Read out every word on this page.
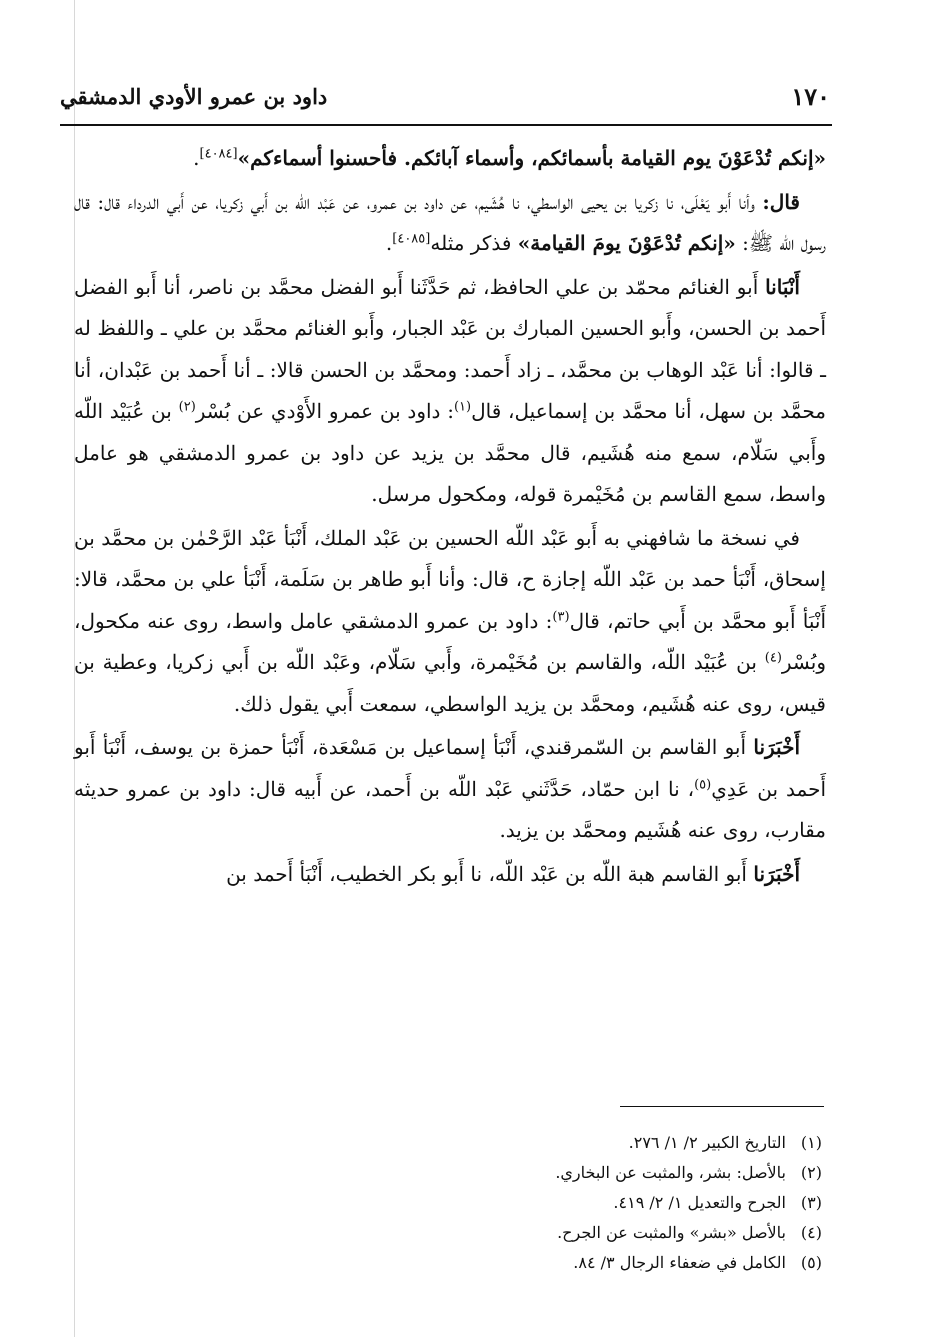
١٧٠
داود بن عمرو الأودي الدمشقي

«إنكم تُدْعَوْنَ يوم القيامة بأسمائكم، وأسماء آبائكم. فأحسنوا أسماءكم»[٤٠٨٤].

قال: وأنا أَبو يَعْلَى، نا زكريا بن يحيى الواسطي، نا هُشَيم، عن داود بن عمرو، عن عَبْد اللّه بن أَبي زكريا، عن أَبي الدرداء قال: قال رسول الله ﷺ: «إنكم تُدْعَوْنَ يومَ القيامة» فذكر مثله[٤٠٨٥].

أَنْبَانا أَبو الغنائم محمّد بن علي الحافظ، ثم حَدَّثَنا أَبو الفضل محمَّد بن ناصر، أنا أَبو الفضل أَحمد بن الحسن، وأَبو الحسين المبارك بن عَبْد الجبار، وأَبو الغنائم محمَّد بن علي ـ واللفظ له ـ قالوا: أنا عَبْد الوهاب بن محمَّد، ـ زاد أَحمد: ومحمَّد بن الحسن قالا: ـ أنا أَحمد بن عَبْدان، أنا محمَّد بن سهل، أنا محمَّد بن إسماعيل، قال$^{(١)}$: داود بن عمرو الأَوْدي عن بُسْر$^{(٢)}$ بن عُبَيْد اللّه وأَبي سَلّام، سمع منه هُشَيم، قال محمَّد بن يزيد عن داود بن عمرو الدمشقي هو عامل واسط، سمع القاسم بن مُخَيْمرة قوله، ومكحول مرسل.

في نسخة ما شافهني به أَبو عَبْد اللّه الحسين بن عَبْد الملك، أَنْبَأ عَبْد الرَّحْمٰن بن محمَّد بن إسحاق، أَنْبَأ حمد بن عَبْد اللّه إجازة ح، قال: وأنا أَبو طاهر بن سَلَمة، أَنْبَأ علي بن محمَّد، قالا: أَنْبَأ أَبو محمَّد بن أَبي حاتم، قال$^{(٣)}$: داود بن عمرو الدمشقي عامل واسط، روى عنه مكحول، وبُسْر$^{(٤)}$ بن عُبَيْد اللّه، والقاسم بن مُخَيْمرة، وأَبي سَلّام، وعَبْد اللّه بن أَبي زكريا، وعطية بن قيس، روى عنه هُشَيم، ومحمَّد بن يزيد الواسطي، سمعت أَبي يقول ذلك.

أَخْبَرَنا أَبو القاسم بن السّمرقندي، أَنْبَأ إسماعيل بن مَسْعَدة، أَنْبَأ حمزة بن يوسف، أَنْبَأ أَبو أَحمد بن عَدِي$^{(٥)}$، نا ابن حمّاد، حَدَّثَني عَبْد اللّه بن أَحمد، عن أَبيه قال: داود بن عمرو حديثه مقارب، روى عنه هُشَيم ومحمَّد بن يزيد.

أَخْبَرَنا أَبو القاسم هبة اللّه بن عَبْد اللّه، نا أَبو بكر الخطيب، أَنْبَأ أَحمد بن

(١)التاريخ الكبير ٢/ ١/ ٢٧٦.
(٢)بالأصل: بشر، والمثبت عن البخاري.
(٣)الجرح والتعديل ١/ ٢/ ٤١٩.
(٤)بالأصل «بشر» والمثبت عن الجرح.
(٥)الكامل في ضعفاء الرجال ٣/ ٨٤.
